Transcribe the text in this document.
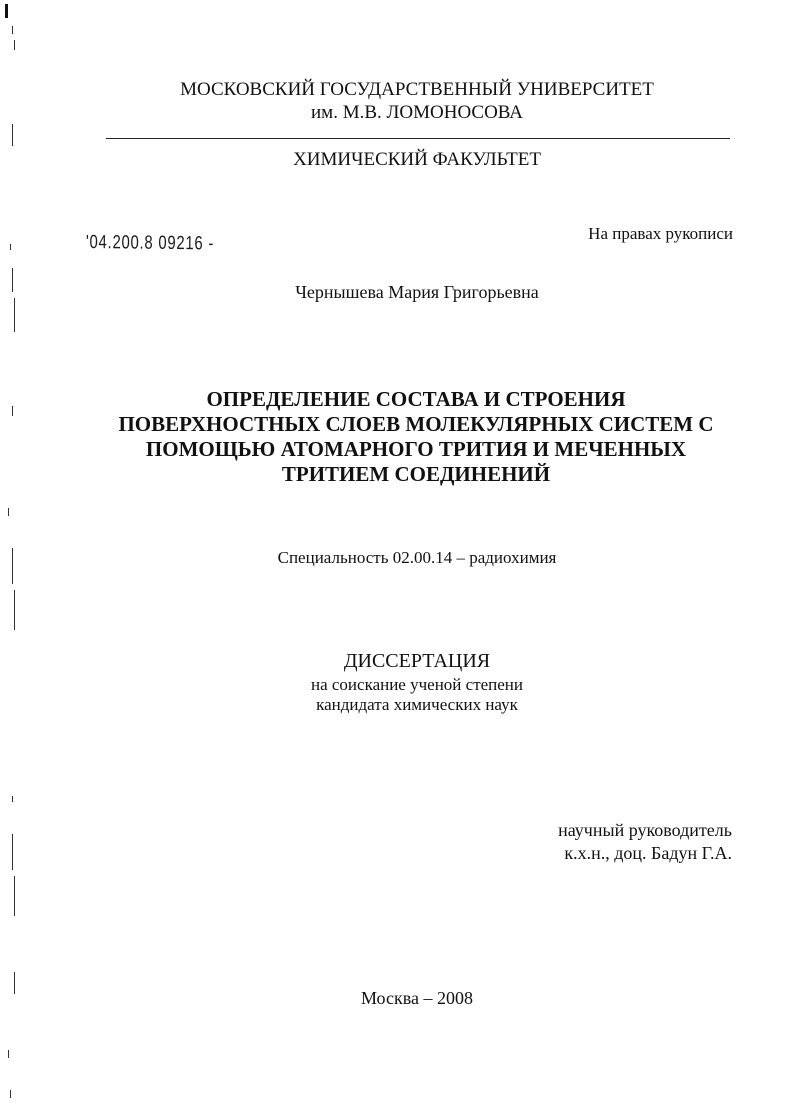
МОСКОВСКИЙ ГОСУДАРСТВЕННЫЙ УНИВЕРСИТЕТ
им. М.В. ЛОМОНОСОВА
ХИМИЧЕСКИЙ ФАКУЛЬТЕТ
'04.200.8 09216 -	На правах рукописи
Чернышева Мария Григорьевна
ОПРЕДЕЛЕНИЕ СОСТАВА И СТРОЕНИЯ
ПОВЕРХНОСТНЫХ СЛОЕВ МОЛЕКУЛЯРНЫХ СИСТЕМ С
ПОМОЩЬЮ АТОМАРНОГО ТРИТИЯ И МЕЧЕННЫХ
ТРИТИЕМ СОЕДИНЕНИЙ
Специальность 02.00.14 – радиохимия
ДИССЕРТАЦИЯ
на соискание ученой степени
кандидата химических наук
научный руководитель
к.х.н., доц. Бадун Г.А.
Москва – 2008
